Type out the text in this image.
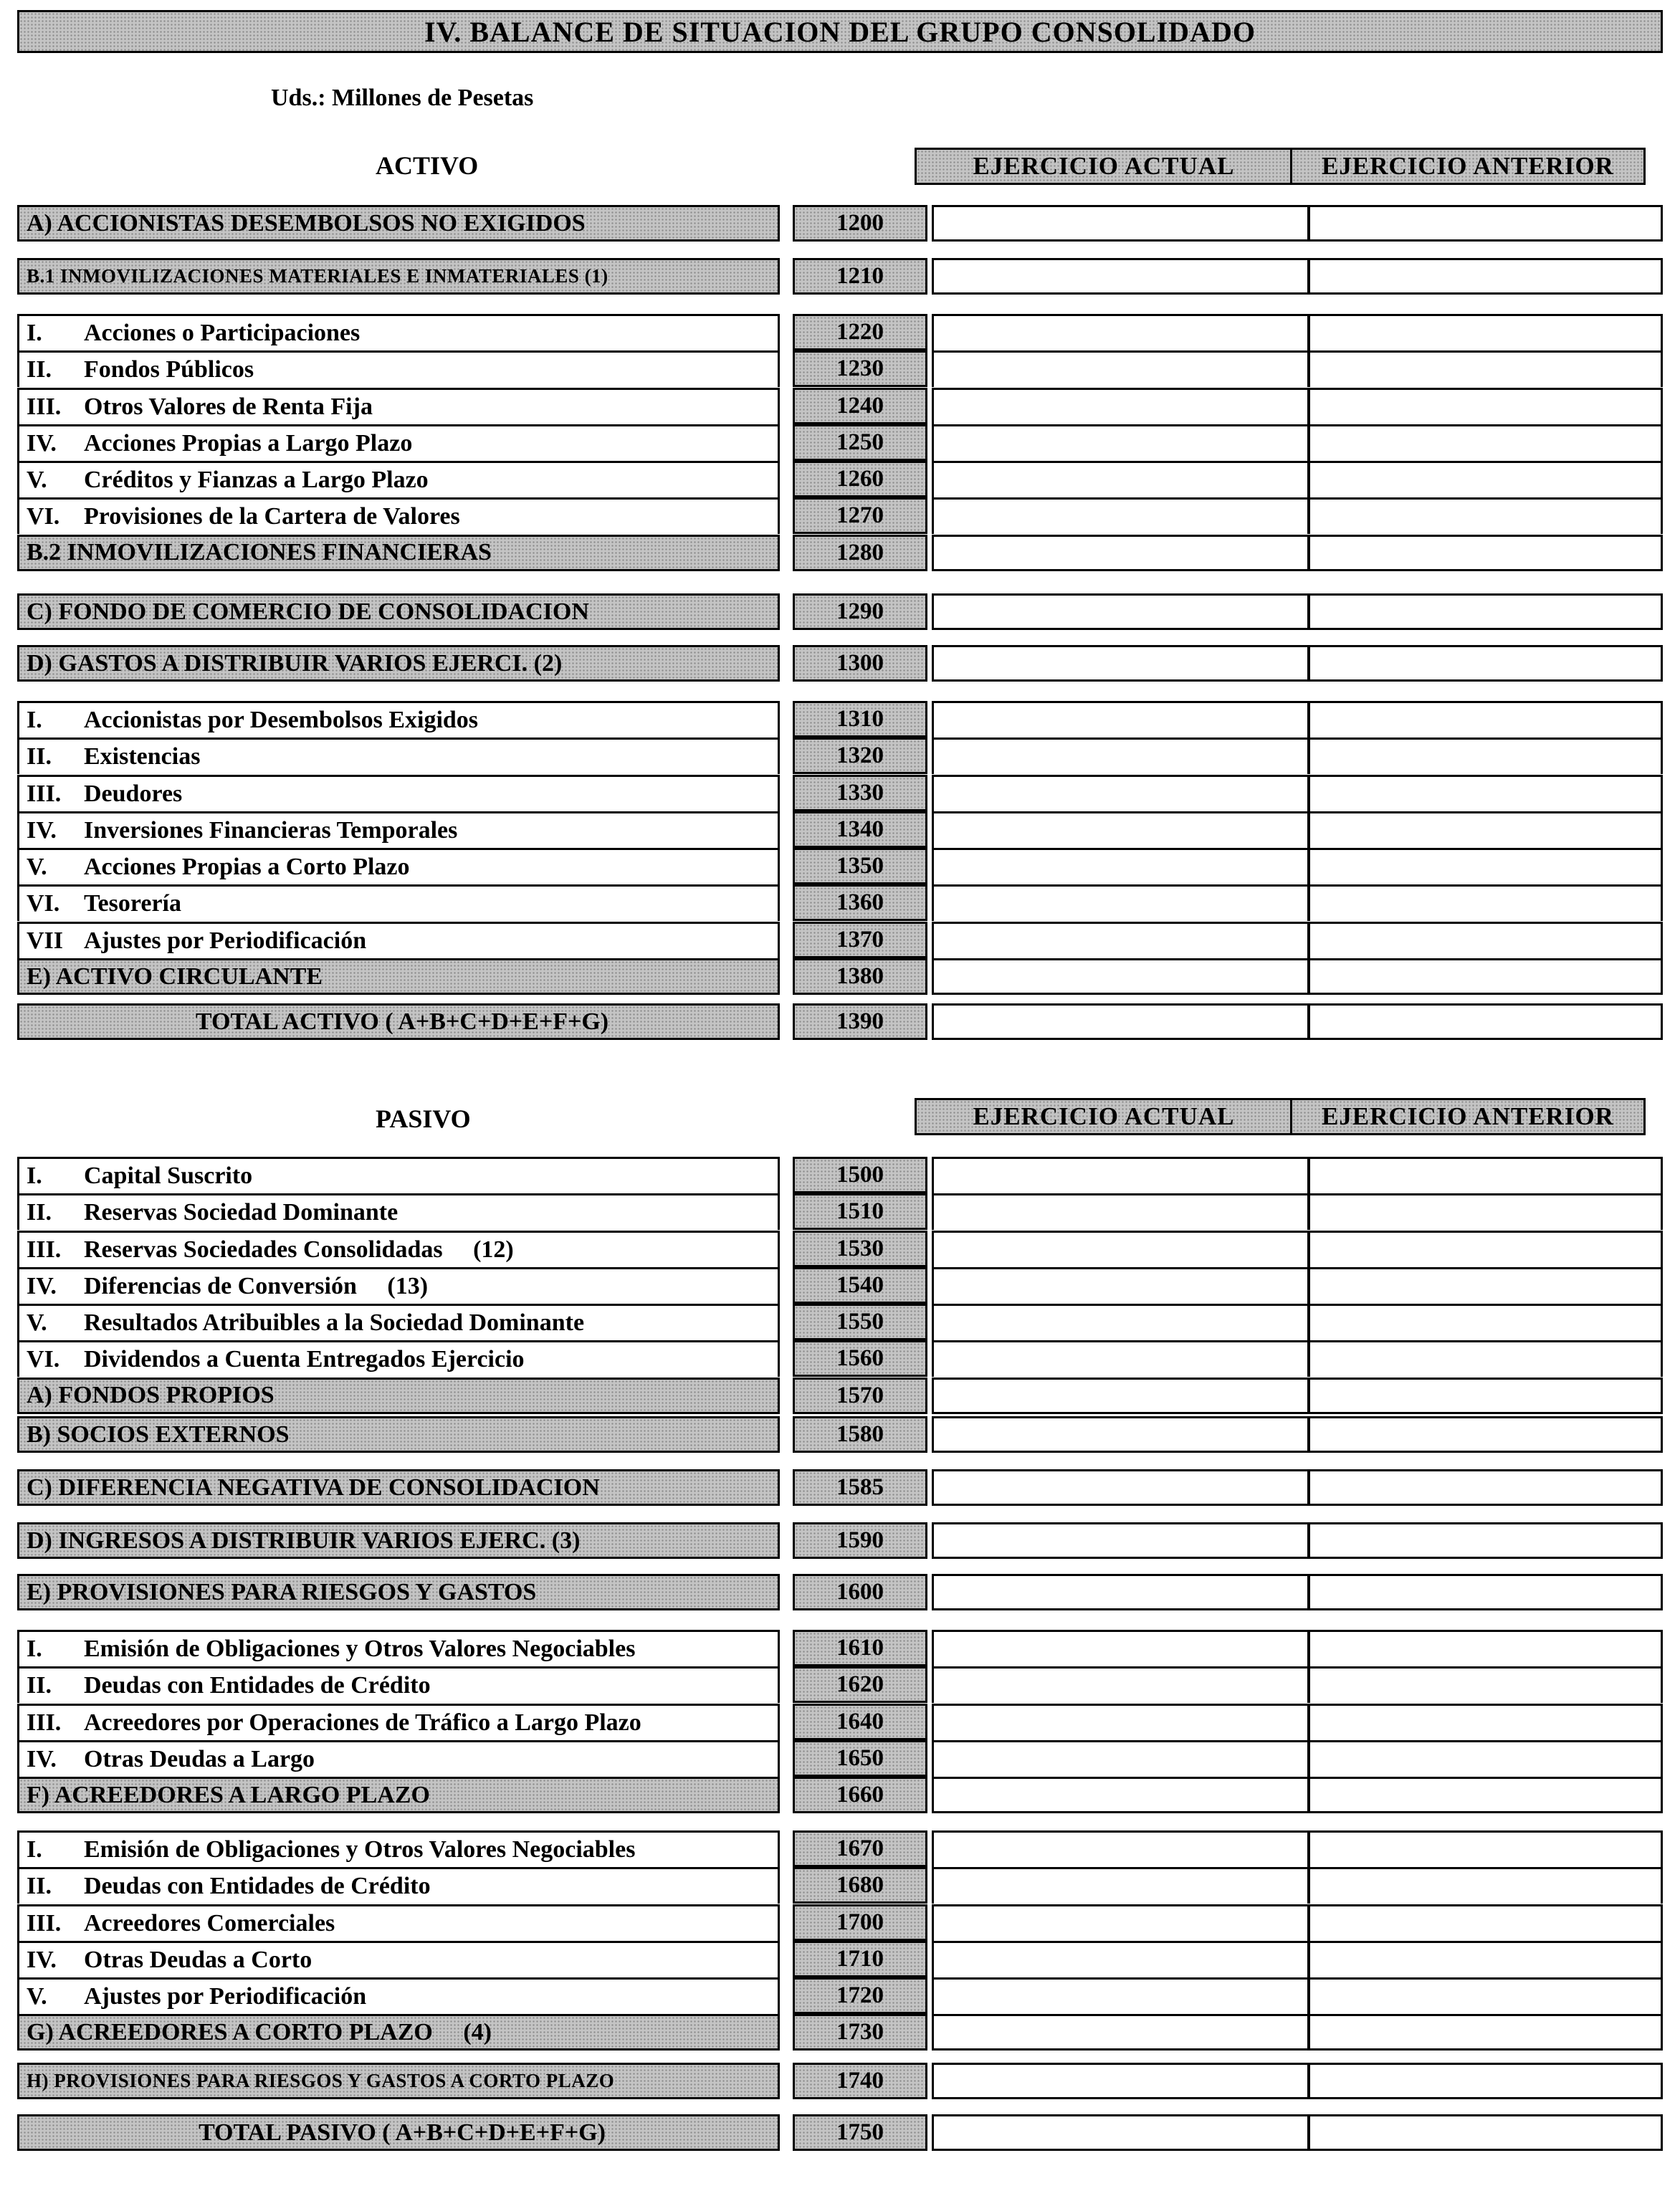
IV. BALANCE DE SITUACION DEL GRUPO CONSOLIDADO
Uds.: Millones de Pesetas
ACTIVO	EJERCICIO ACTUAL	EJERCICIO ANTERIOR
A) ACCIONISTAS DESEMBOLSOS NO EXIGIDOS	1200
B.1 INMOVILIZACIONES MATERIALES E INMATERIALES (1)	1210
I.	Acciones o Participaciones	1220
II.	Fondos Públicos	1230
III. Otros Valores de Renta Fija	1240
IV.	Acciones Propias a Largo Plazo	1250
V.	Créditos y Fianzas a Largo Plazo	1260
VI. Provisiones de la Cartera de Valores	1270
B.2 INMOVILIZACIONES FINANCIERAS	1280
C) FONDO DE COMERCIO DE CONSOLIDACION	1290
D) GASTOS A DISTRIBUIR VARIOS EJERCI. (2)	1300
I.	Accionistas por Desembolsos Exigidos	1310
II.	Existencias	1320
III. Deudores	1330
IV.	Inversiones Financieras Temporales	1340
V.	Acciones Propias a Corto Plazo	1350
VI. Tesorería	1360
VII Ajustes por Periodificación	1370
E) ACTIVO CIRCULANTE	1380
TOTAL ACTIVO ( A+B+C+D+E+F+G)	1390
PASIVO	EJERCICIO ACTUAL	EJERCICIO ANTERIOR
I.	Capital Suscrito	1500
II.	Reservas Sociedad Dominante	1510
III. Reservas Sociedades Consolidadas     (12)	1530
IV.	Diferencias de Conversión     (13)	1540
V.	Resultados Atribuibles a la Sociedad Dominante	1550
VI. Dividendos a Cuenta Entregados Ejercicio	1560
A) FONDOS PROPIOS	1570
B) SOCIOS EXTERNOS	1580
C) DIFERENCIA NEGATIVA DE CONSOLIDACION	1585
D) INGRESOS A DISTRIBUIR VARIOS EJERC. (3)	1590
E) PROVISIONES PARA RIESGOS Y GASTOS	1600
I.	Emisión de Obligaciones y Otros Valores Negociables	1610
II.	Deudas con Entidades de Crédito	1620
III. Acreedores por Operaciones de Tráfico a Largo Plazo	1640
IV.	Otras Deudas a Largo	1650
F) ACREEDORES A LARGO PLAZO	1660
I.	Emisión de Obligaciones y Otros Valores Negociables	1670
II.	Deudas con Entidades de Crédito	1680
III. Acreedores Comerciales	1700
IV.	Otras Deudas a Corto	1710
V.	Ajustes por Periodificación	1720
G) ACREEDORES A CORTO PLAZO     (4)	1730
H) PROVISIONES PARA RIESGOS Y GASTOS A CORTO PLAZO	1740
TOTAL PASIVO ( A+B+C+D+E+F+G)	1750
